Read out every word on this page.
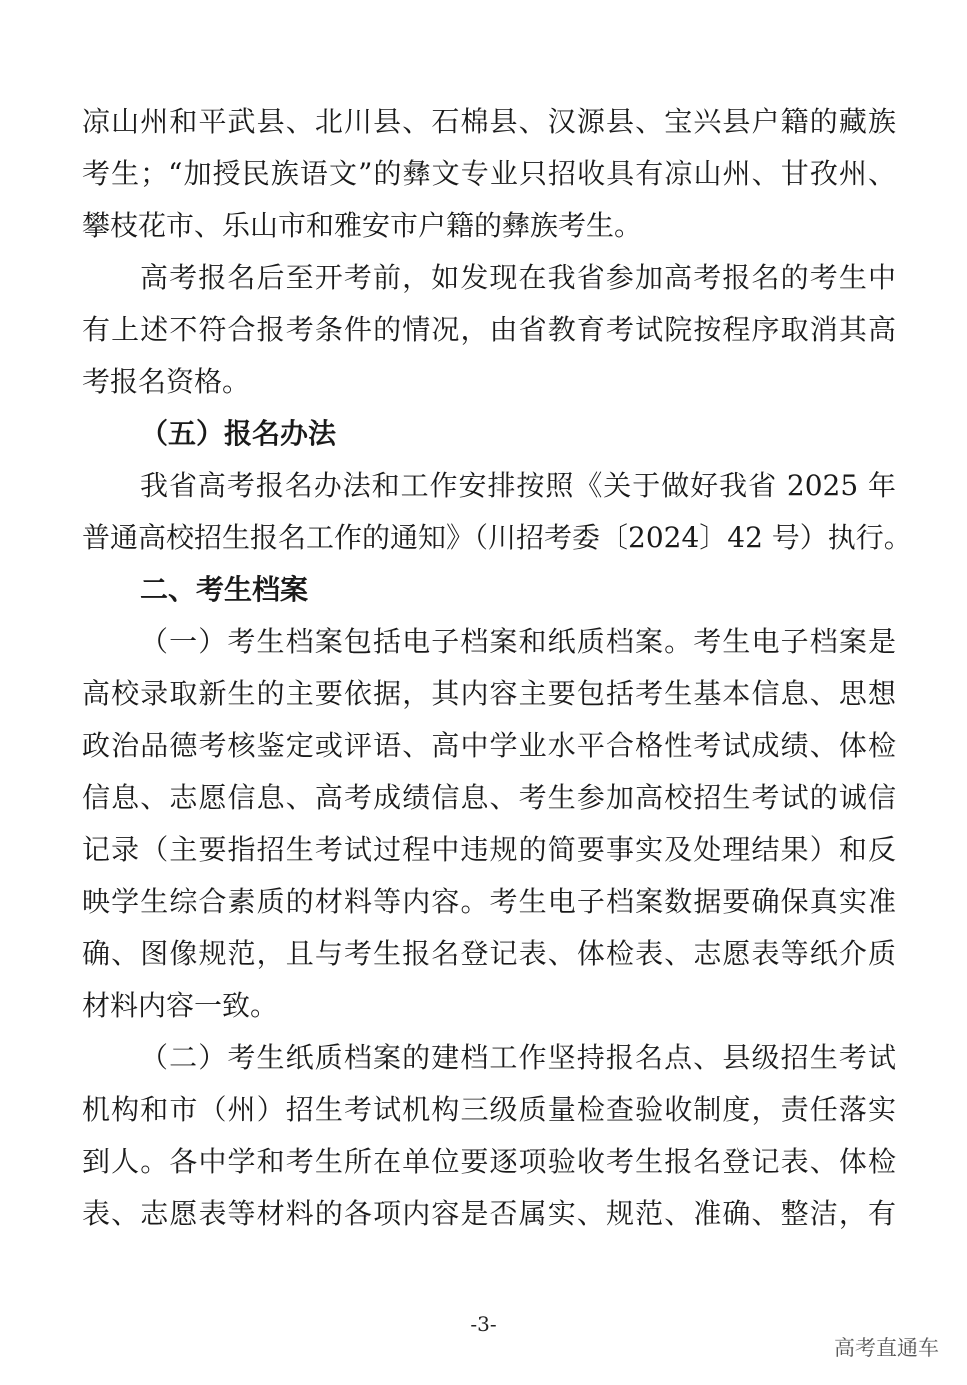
凉山州和平武县、北川县、石棉县、汉源县、宝兴县户籍的藏族
考生；“加授民族语文”的彝文专业只招收具有凉山州、甘孜州、
攀枝花市、乐山市和雅安市户籍的彝族考生。
高考报名后至开考前，如发现在我省参加高考报名的考生中
有上述不符合报考条件的情况，由省教育考试院按程序取消其高
考报名资格。
（五）报名办法
我省高考报名办法和工作安排按照《关于做好我省 2025 年
普通高校招生报名工作的通知》（川招考委〔2024〕42 号）执行。
二、考生档案
（一）考生档案包括电子档案和纸质档案。考生电子档案是
高校录取新生的主要依据，其内容主要包括考生基本信息、思想
政治品德考核鉴定或评语、高中学业水平合格性考试成绩、体检
信息、志愿信息、高考成绩信息、考生参加高校招生考试的诚信
记录（主要指招生考试过程中违规的简要事实及处理结果）和反
映学生综合素质的材料等内容。考生电子档案数据要确保真实准
确、图像规范，且与考生报名登记表、体检表、志愿表等纸介质
材料内容一致。
（二）考生纸质档案的建档工作坚持报名点、县级招生考试
机构和市（州）招生考试机构三级质量检查验收制度，责任落实
到人。各中学和考生所在单位要逐项验收考生报名登记表、体检
表、志愿表等材料的各项内容是否属实、规范、准确、整洁，有
-3-
高考直通车
